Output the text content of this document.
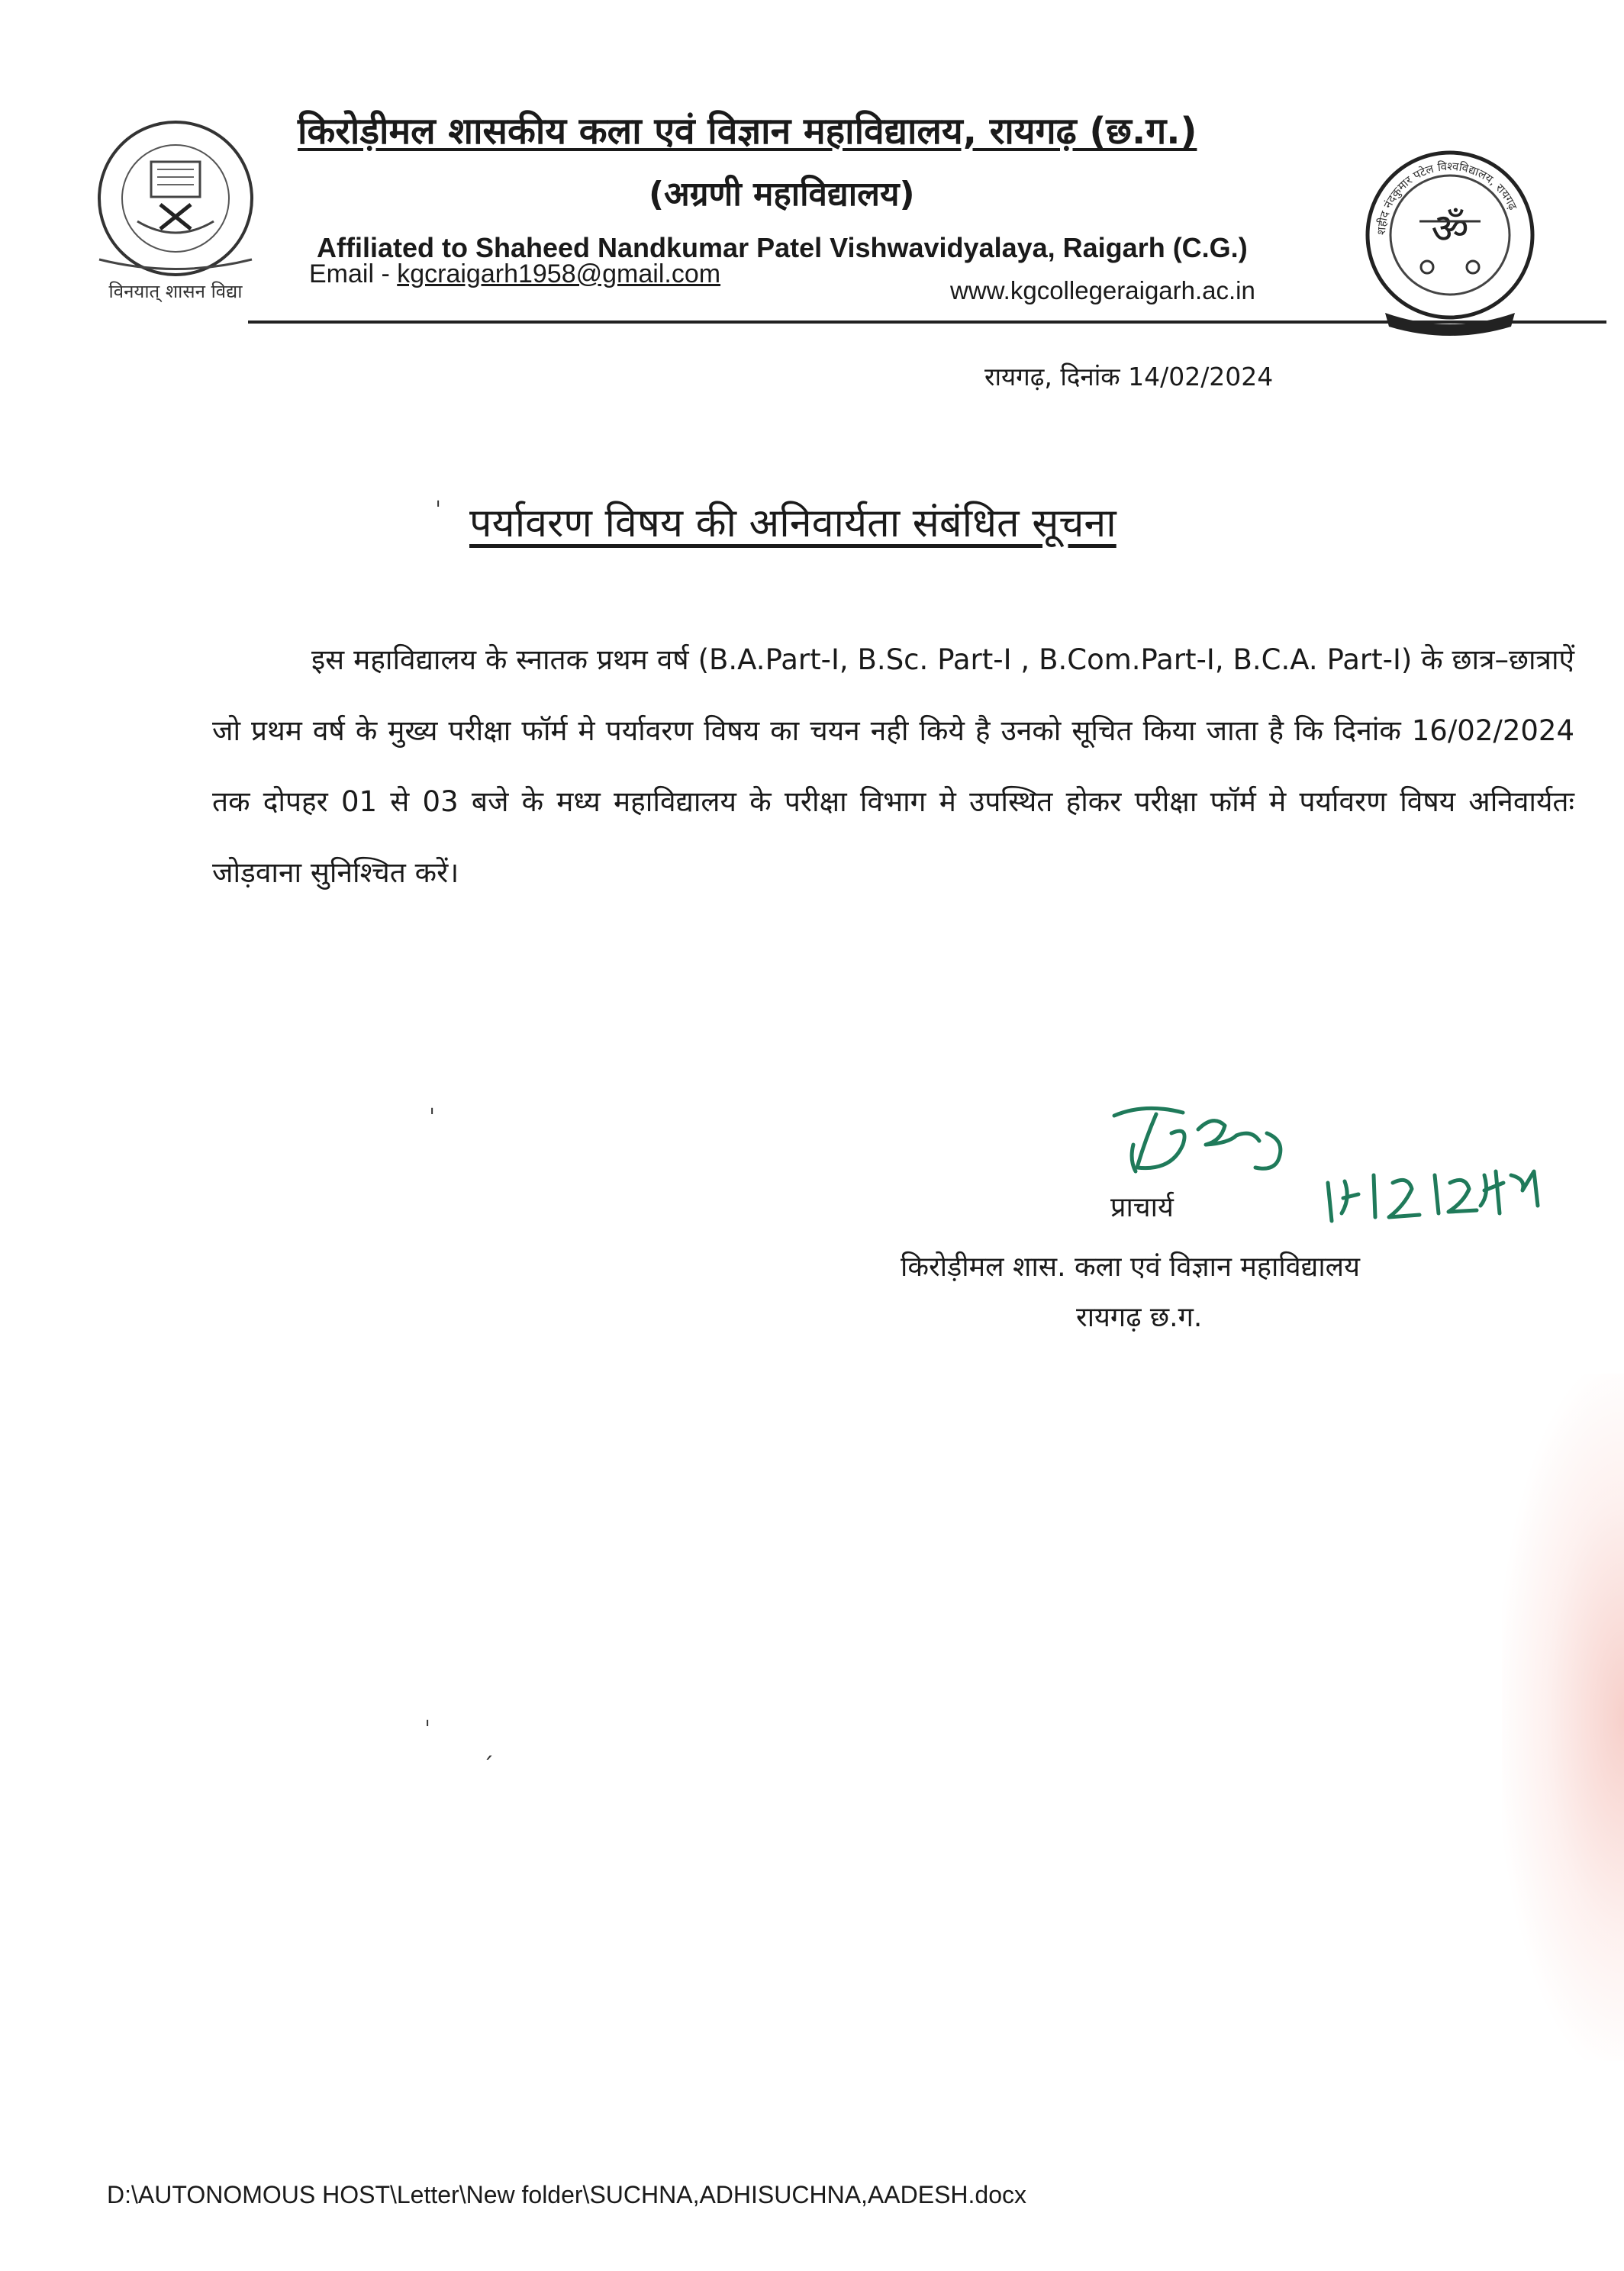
विनयात् शासन विद्या
किरोड़ीमल शासकीय कला एवं विज्ञान महाविद्यालय, रायगढ़ (छ.ग.)
(अग्रणी महाविद्यालय)
Affiliated to Shaheed Nandkumar Patel Vishwavidyalaya, Raigarh (C.G.)
Email - kgcraigarh1958@gmail.com
www.kgcollegeraigarh.ac.in
शहीद नंदकुमार पटेल विश्वविद्यालय, रायगढ़
ॐ
रायगढ़, दिनांक 14/02/2024
ˈ पर्यावरण विषय की अनिवार्यता संबंधित सूचना
इस महाविद्यालय के स्नातक प्रथम वर्ष (B.A.Part-I, B.Sc. Part-I , B.Com.Part-I, B.C.A. Part-I) के छात्र–छात्राऐं जो प्रथम वर्ष के मुख्य परीक्षा फॉर्म मे पर्यावरण विषय का चयन नही किये है उनको सूचित किया जाता है कि दिनांक 16/02/2024 तक दोपहर 01 से 03 बजे के मध्य महाविद्यालय के परीक्षा विभाग मे उपस्थित होकर परीक्षा फॉर्म मे पर्यावरण विषय अनिवार्यतः जोड़वाना सुनिश्चित करें।
ˈ
ˈ
ˏ
14/2/2024
प्राचार्य
किरोड़ीमल शास. कला एवं विज्ञान महाविद्यालय
रायगढ़ छ.ग.
D:\AUTONOMOUS HOST\Letter\New folder\SUCHNA,ADHISUCHNA,AADESH.docx
